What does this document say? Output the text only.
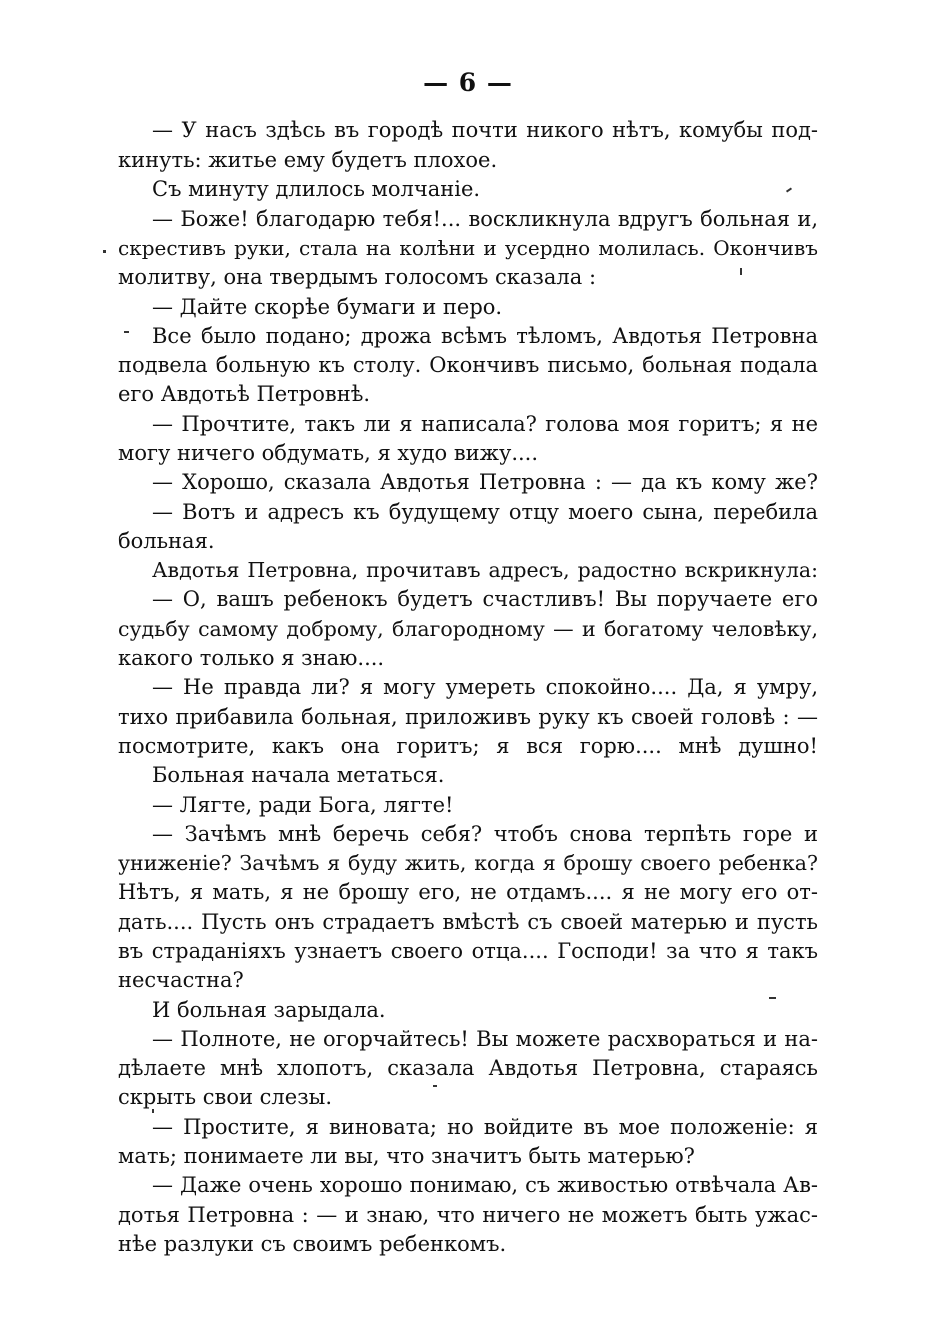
— 6 —
— У насъ здѣсь въ городѣ почти никого нѣтъ, комубы под-
кинуть: житье ему будетъ плохое.
Съ минуту длилось молчаніе.
— Боже! благодарю тебя!... воскликнула вдругъ больная и,
скрестивъ руки, стала на колѣни и усердно молилась. Окончивъ
молитву, она твердымъ голосомъ сказала :
— Дайте скорѣе бумаги и перо.
Все было подано; дрожа всѣмъ тѣломъ, Авдотья Петровна
подвела больную къ столу. Окончивъ письмо, больная подала
его Авдотьѣ Петровнѣ.
— Прочтите, такъ ли я написала? голова моя горитъ; я не
могу ничего обдумать, я худо вижу....
— Хорошо, сказала Авдотья Петровна : — да къ кому же?
— Вотъ и адресъ къ будущему отцу моего сына, перебила
больная.
Авдотья Петровна, прочитавъ адресъ, радостно вскрикнула:
— О, вашъ ребенокъ будетъ счастливъ! Вы поручаете его
судьбу самому доброму, благородному — и богатому человѣку,
какого только я знаю....
— Не правда ли? я могу умереть спокойно.... Да, я умру,
тихо прибавила больная, приложивъ руку къ своей головѣ : —
посмотрите, какъ она горитъ; я вся горю.... мнѣ душно!
Больная начала метаться.
— Лягте, ради Бога, лягте!
— Зачѣмъ мнѣ беречь себя? чтобъ снова терпѣть горе и
униженіе? Зачѣмъ я буду жить, когда я брошу своего ребенка?
Нѣтъ, я мать, я не брошу его, не отдамъ.... я не могу его от-
дать.... Пусть онъ страдаетъ вмѣстѣ съ своей матерью и пусть
въ страданіяхъ узнаетъ своего отца.... Господи! за что я такъ
несчастна?
И больная зарыдала.
— Полноте, не огорчайтесь! Вы можете расхвораться и на-
дѣлаете мнѣ хлопотъ, сказала Авдотья Петровна, стараясь
скрыть свои слезы.
— Простите, я виновата; но войдите въ мое положеніе: я
мать; понимаете ли вы, что значитъ быть матерью?
— Даже очень хорошо понимаю, съ живостью отвѣчала Ав-
дотья Петровна : — и знаю, что ничего не можетъ быть ужас-
нѣе разлуки съ своимъ ребенкомъ.
